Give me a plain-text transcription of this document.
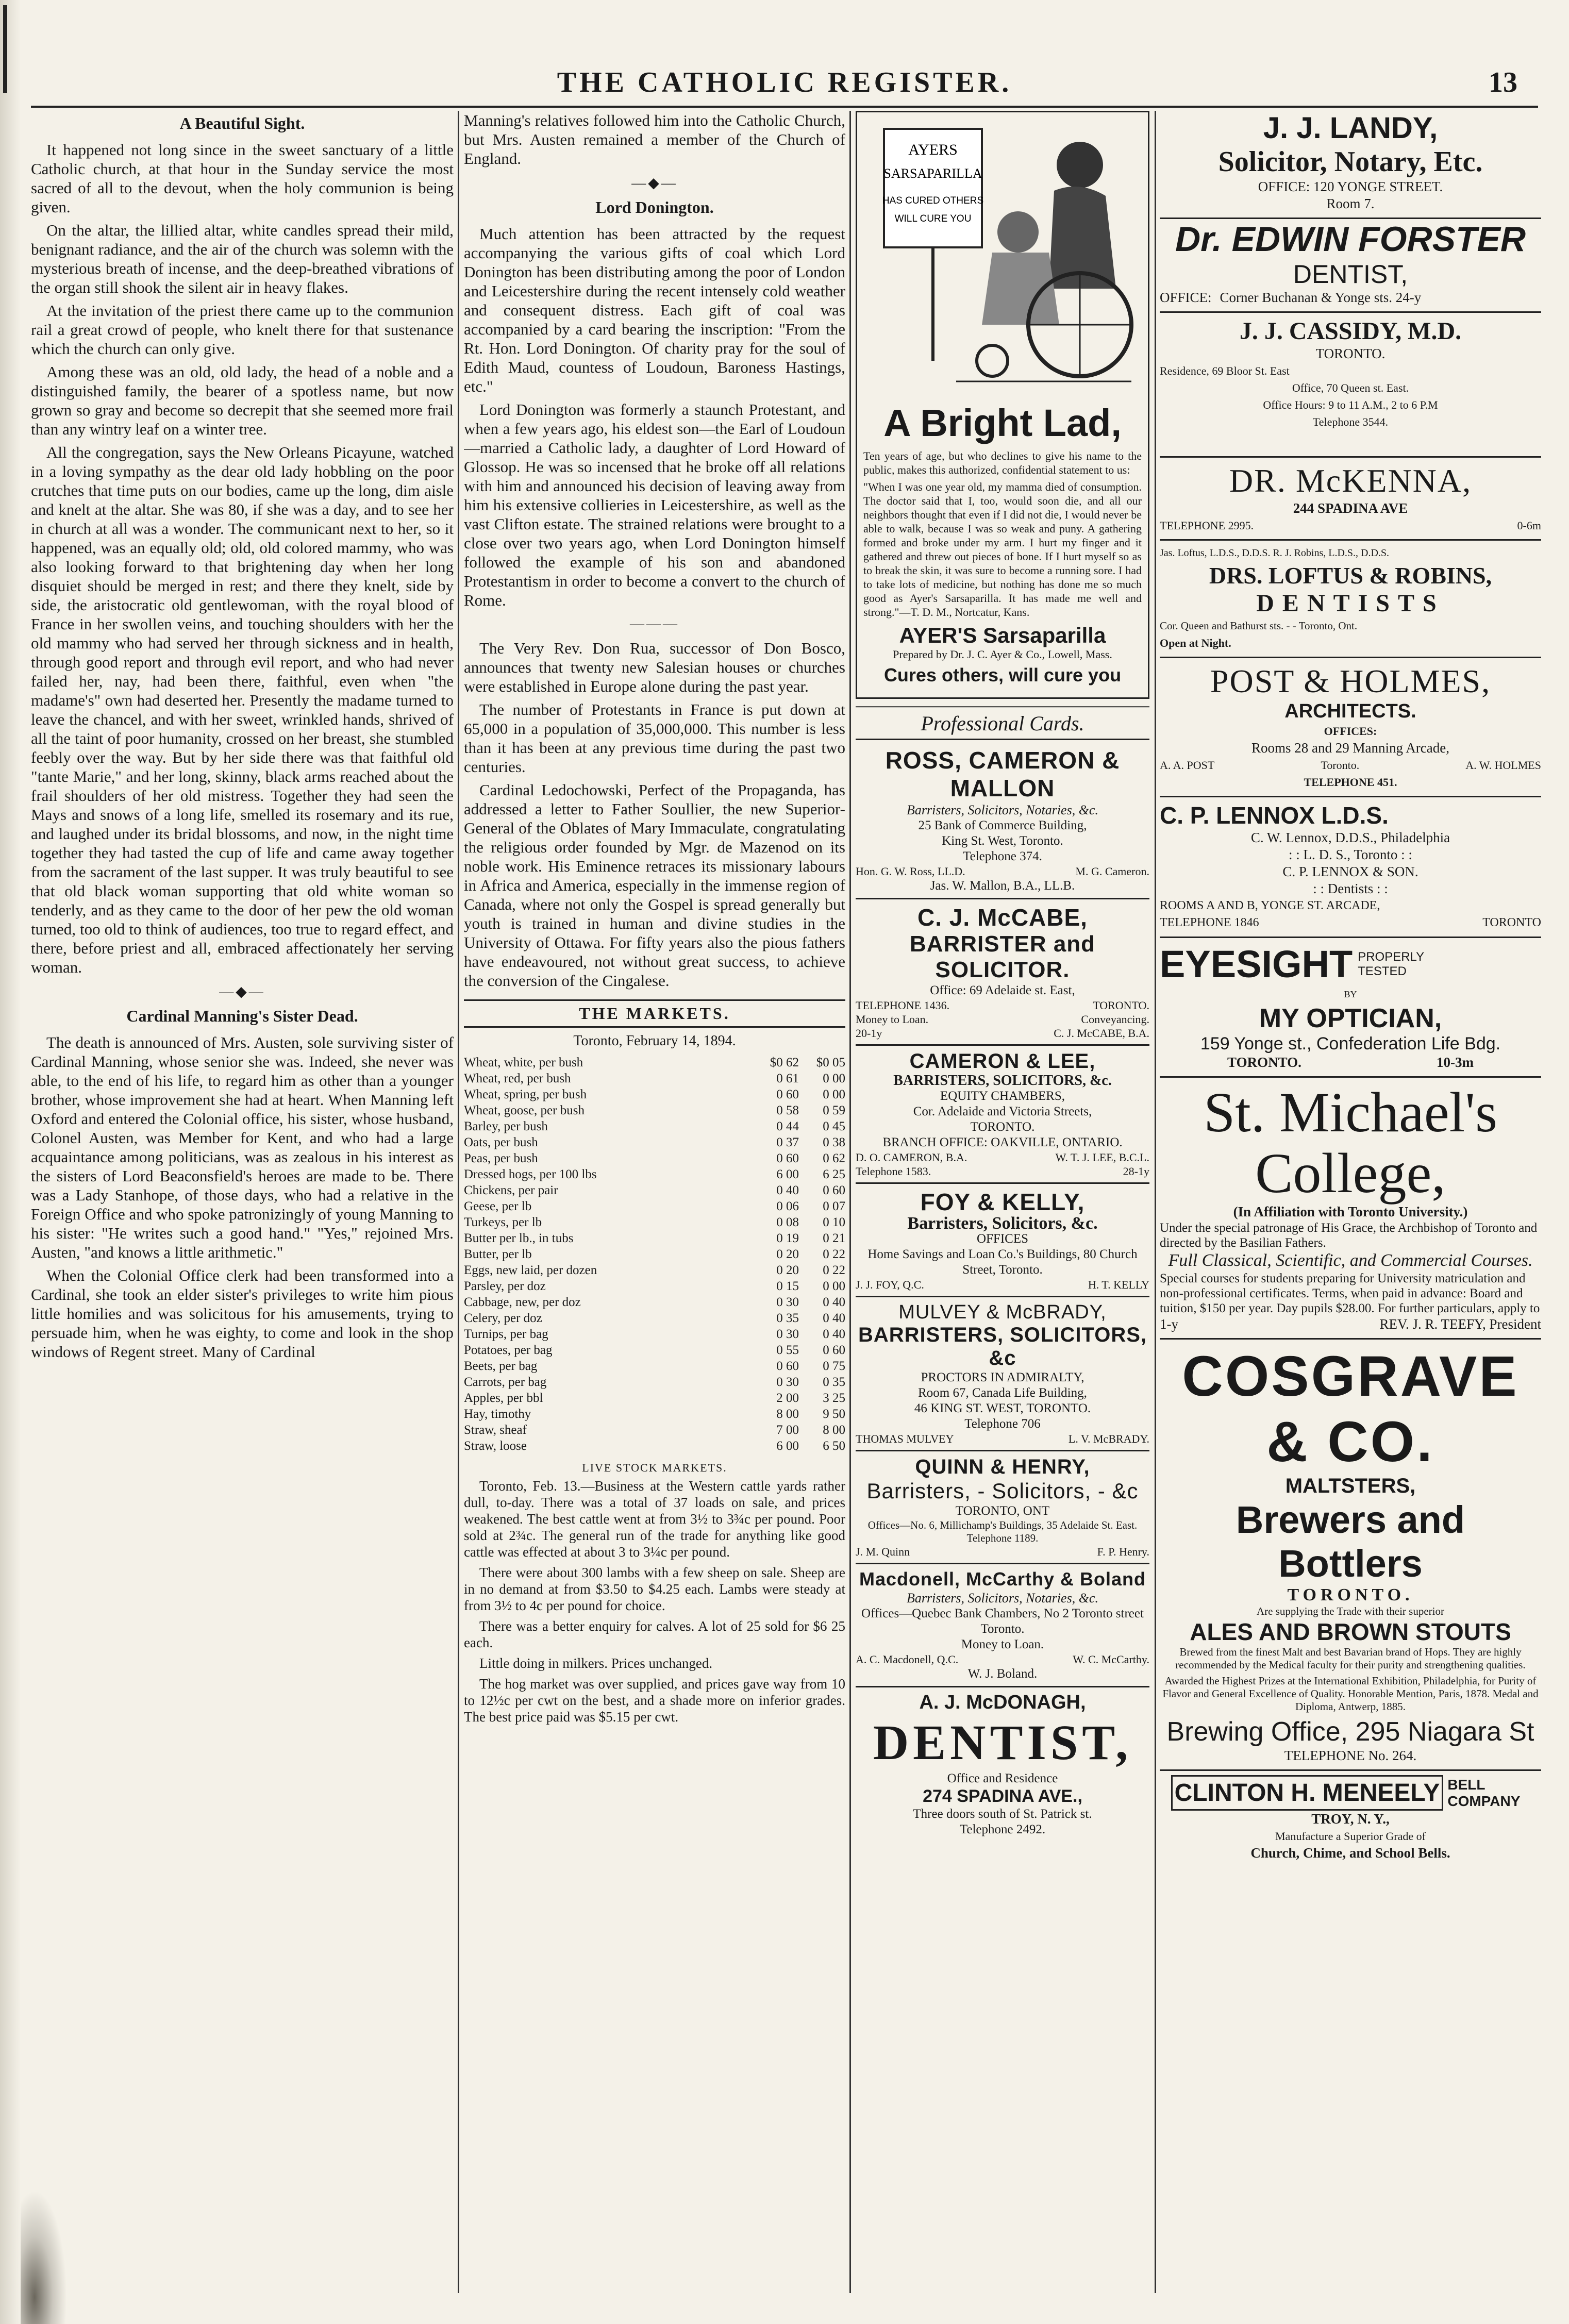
THE CATHOLIC REGISTER.	13
A Beautiful Sight.

It happened not long since in the sweet sanctuary of a little Catholic church, at that hour in the Sunday service the most sacred of all to the devout, when the holy communion is being given.

On the altar, the lillied altar, white candles spread their mild, benignant radiance, and the air of the church was solemn with the mysterious breath of incense, and the deep-breathed vibrations of the organ still shook the silent air in heavy flakes.

At the invitation of the priest there came up to the communion rail a great crowd of people, who knelt there for that sustenance which the church can only give.

Among these was an old, old lady, the head of a noble and a distinguished family, the bearer of a spotless name, but now grown so gray and become so decrepit that she seemed more frail than any wintry leaf on a winter tree.

All the congregation, says the New Orleans Picayune, watched in a loving sympathy as the dear old lady hobbling on the poor crutches that time puts on our bodies, came up the long, dim aisle and knelt at the altar. She was 80, if she was a day, and to see her in church at all was a wonder. The communicant next to her, so it happened, was an equally old; old, old colored mammy, who was also looking forward to that brightening day when her long disquiet should be merged in rest; and there they knelt, side by side, the aristocratic old gentlewoman, with the royal blood of France in her swollen veins, and touching shoulders with her the old mammy who had served her through sickness and in health, through good report and through evil report, and who had never failed her, nay, had been there, faithful, even when "the madame's" own had deserted her. Presently the madame turned to leave the chancel, and with her sweet, wrinkled hands, shrived of all the taint of poor humanity, crossed on her breast, she stumbled feebly over the way. But by her side there was that faithful old "tante Marie," and her long, skinny, black arms reached about the frail shoulders of her old mistress. Together they had seen the Mays and snows of a long life, smelled its rosemary and its rue, and laughed under its bridal blossoms, and now, in the night time together they had tasted the cup of life and came away together from the sacrament of the last supper. It was truly beautiful to see that old black woman supporting that old white woman so tenderly, and as they came to the door of her pew the old woman turned, too old to think of audiences, too true to regard effect, and there, before priest and all, embraced affectionately her serving woman.

—◆—
Cardinal Manning's Sister Dead.

The death is announced of Mrs. Austen, sole surviving sister of Cardinal Manning, whose senior she was. Indeed, she never was able, to the end of his life, to regard him as other than a younger brother, whose improvement she had at heart. When Manning left Oxford and entered the Colonial office, his sister, whose husband, Colonel Austen, was Member for Kent, and who had a large acquaintance among politicians, was as zealous in his interest as the sisters of Lord Beaconsfield's heroes are made to be. There was a Lady Stanhope, of those days, who had a relative in the Foreign Office and who spoke patronizingly of young Manning to his sister: "He writes such a good hand." "Yes," rejoined Mrs. Austen, "and knows a little arithmetic."

When the Colonial Office clerk had been transformed into a Cardinal, she took an elder sister's privileges to write him pious little homilies and was solicitous for his amusements, trying to persuade him, when he was eighty, to come and look in the shop windows of Regent street. Many of Cardinal

Manning's relatives followed him into the Catholic Church, but Mrs. Austen remained a member of the Church of England.

—◆—
Lord Donington.

Much attention has been attracted by the request accompanying the various gifts of coal which Lord Donington has been distributing among the poor of London and Leicestershire during the recent intensely cold weather and consequent distress. Each gift of coal was accompanied by a card bearing the inscription: "From the Rt. Hon. Lord Donington. Of charity pray for the soul of Edith Maud, countess of Loudoun, Baroness Hastings, etc."

Lord Donington was formerly a staunch Protestant, and when a few years ago, his eldest son—the Earl of Loudoun—married a Catholic lady, a daughter of Lord Howard of Glossop. He was so incensed that he broke off all relations with him and announced his decision of leaving away from him his extensive collieries in Leicestershire, as well as the vast Clifton estate. The strained relations were brought to a close over two years ago, when Lord Donington himself followed the example of his son and abandoned Protestantism in order to become a convert to the church of Rome.

———

The Very Rev. Don Rua, successor of Don Bosco, announces that twenty new Salesian houses or churches were established in Europe alone during the past year.

The number of Protestants in France is put down at 65,000 in a population of 35,000,000. This number is less than it has been at any previous time during the past two centuries.

Cardinal Ledochowski, Perfect of the Propaganda, has addressed a letter to Father Soullier, the new Superior-General of the Oblates of Mary Immaculate, congratulating the religious order founded by Mgr. de Mazenod on its noble work. His Eminence retraces its missionary labours in Africa and America, especially in the immense region of Canada, where not only the Gospel is spread generally but youth is trained in human and divine studies in the University of Ottawa. For fifty years also the pious fathers have endeavoured, not without great success, to achieve the conversion of the Cingalese.

THE MARKETS.
Toronto, February 14, 1894.
Wheat, white, per bush	$0 62	$0 05
Wheat, red, per bush	0 61	0 00
Wheat, spring, per bush	0 60	0 00
Wheat, goose, per bush	0 58	0 59
Barley, per bush	0 44	0 45
Oats, per bush	0 37	0 38
Peas, per bush	0 60	0 62
Dressed hogs, per 100 lbs	6 00	6 25
Chickens, per pair	0 40	0 60
Geese, per lb	0 06	0 07
Turkeys, per lb	0 08	0 10
Butter per lb., in tubs	0 19	0 21
Butter, per lb	0 20	0 22
Eggs, new laid, per dozen	0 20	0 22
Parsley, per doz	0 15	0 00
Cabbage, new, per doz	0 30	0 40
Celery, per doz	0 35	0 40
Turnips, per bag	0 30	0 40
Potatoes, per bag	0 55	0 60
Beets, per bag	0 60	0 75
Carrots, per bag	0 30	0 35
Apples, per bbl	2 00	3 25
Hay, timothy	8 00	9 50
Straw, sheaf	7 00	8 00
Straw, loose	6 00	6 50
LIVE STOCK MARKETS.

Toronto, Feb. 13.—Business at the Western cattle yards rather dull, to-day. There was a total of 37 loads on sale, and prices weakened. The best cattle went at from 3½ to 3¾c per pound. Poor sold at 2¾c. The general run of the trade for anything like good cattle was effected at about 3 to 3¼c per pound.

There were about 300 lambs with a few sheep on sale. Sheep are in no demand at from $3.50 to $4.25 each. Lambs were steady at from 3½ to 4c per pound for choice.

There was a better enquiry for calves. A lot of 25 sold for $6 25 each.

Little doing in milkers. Prices unchanged.

The hog market was over supplied, and prices gave way from 10 to 12½c per cwt on the best, and a shade more on inferior grades. The best price paid was $5.15 per cwt.

AYERS
SARSAPARILLA
HAS CURED OTHERS
WILL CURE YOU
A Bright Lad,
Ten years of age, but who declines to give his name to the public, makes this authorized, confidential statement to us:
"When I was one year old, my mamma died of consumption. The doctor said that I, too, would soon die, and all our neighbors thought that even if I did not die, I would never be able to walk, because I was so weak and puny. A gathering formed and broke under my arm. I hurt my finger and it gathered and threw out pieces of bone. If I hurt myself so as to break the skin, it was sure to become a running sore. I had to take lots of medicine, but nothing has done me so much good as Ayer's Sarsaparilla. It has made me well and strong."—T. D. M., Nortcatur, Kans.
AYER'S Sarsaparilla
Prepared by Dr. J. C. Ayer & Co., Lowell, Mass.
Cures others, will cure you
Professional Cards.
ROSS, CAMERON & MALLON
Barristers, Solicitors, Notaries, &c.
25 Bank of Commerce Building,
King St. West, Toronto.
Telephone 374.
Hon. G. W. Ross, LL.D.	M. G. Cameron.
Jas. W. Mallon, B.A., LL.B.
C. J. McCABE,
BARRISTER and SOLICITOR.
Office: 69 Adelaide st. East,
TELEPHONE 1436.	TORONTO.
Money to Loan.	Conveyancing.
20-1y	C. J. McCABE, B.A.
CAMERON & LEE,
BARRISTERS, SOLICITORS, &c.
EQUITY CHAMBERS,
Cor. Adelaide and Victoria Streets,
TORONTO.
BRANCH OFFICE: OAKVILLE, ONTARIO.
D. O. CAMERON, B.A.	W. T. J. LEE, B.C.L.
Telephone 1583.	28-1y
FOY & KELLY,
Barristers, Solicitors, &c.
OFFICES
Home Savings and Loan Co.'s Buildings, 80 Church Street, Toronto.
J. J. FOY, Q.C.	H. T. KELLY
MULVEY & McBRADY,
BARRISTERS, SOLICITORS, &c
PROCTORS IN ADMIRALTY,
Room 67, Canada Life Building,
46 KING ST. WEST, TORONTO.
Telephone 706
THOMAS MULVEY	L. V. McBRADY.
QUINN & HENRY,
Barristers, - Solicitors, - &c
TORONTO, ONT
Offices—No. 6, Millichamp's Buildings, 35 Adelaide St. East. Telephone 1189.
J. M. Quinn	F. P. Henry.
Macdonell, McCarthy & Boland
Barristers, Solicitors, Notaries, &c.
Offices—Quebec Bank Chambers, No 2 Toronto street
Toronto.
Money to Loan.
A. C. Macdonell, Q.C.	W. C. McCarthy.
W. J. Boland.
A. J. McDONAGH,
DENTIST,
Office and Residence
274 SPADINA AVE.,
Three doors south of St. Patrick st.
Telephone 2492.
J. J. LANDY,
Solicitor, Notary, Etc.
OFFICE: 120 YONGE STREET.
Room 7.
Dr. EDWIN FORSTER
DENTIST,
OFFICE: Corner Buchanan & Yonge sts. 24-y
J. J. CASSIDY, M.D.
TORONTO.
Residence, 69 Bloor St. East
Office, 70 Queen st. East.
Office Hours: 9 to 11 A.M., 2 to 6 P.M
Telephone 3544.
DR. McKENNA,
244 SPADINA AVE
TELEPHONE 2995.	0-6m
Jas. Loftus, L.D.S., D.D.S. R. J. Robins, L.D.S., D.D.S.
DRS. LOFTUS & ROBINS,
DENTISTS
Cor. Queen and Bathurst sts. - - Toronto, Ont.
Open at Night.
POST & HOLMES,
ARCHITECTS.
OFFICES:
Rooms 28 and 29 Manning Arcade,
A. A. POST	Toronto.	A. W. HOLMES
TELEPHONE 451.
C. P. LENNOX L.D.S.
C. W. Lennox, D.D.S., Philadelphia
: : L. D. S., Toronto : :
C. P. LENNOX & SON.
: : Dentists : :
ROOMS A AND B, YONGE ST. ARCADE,
TELEPHONE 1846	TORONTO
EYESIGHT PROPERLY
TESTED
BY
MY OPTICIAN,
159 Yonge st., Confederation Life Bdg.
TORONTO.	10-3m
St. Michael's
College,
(In Affiliation with Toronto University.)
Under the special patronage of His Grace, the Archbishop of Toronto and directed by the Basilian Fathers.
Full Classical, Scientific, and Commercial Courses.
Special courses for students preparing for University matriculation and non-professional certificates. Terms, when paid in advance: Board and tuition, $150 per year. Day pupils $28.00. For further particulars, apply to
1-y	REV. J. R. TEEFY, President
COSGRAVE & CO.
MALTSTERS,
Brewers and Bottlers
TORONTO.
Are supplying the Trade with their superior
ALES AND BROWN STOUTS
Brewed from the finest Malt and best Bavarian brand of Hops. They are highly recommended by the Medical faculty for their purity and strengthening qualities.
Awarded the Highest Prizes at the International Exhibition, Philadelphia, for Purity of Flavor and General Excellence of Quality. Honorable Mention, Paris, 1878. Medal and Diploma, Antwerp, 1885.
Brewing Office, 295 Niagara St
TELEPHONE No. 264.
CLINTON H. MENEELY BELL COMPANY
TROY, N. Y.,
Manufacture a Superior Grade of
Church, Chime, and School Bells.
